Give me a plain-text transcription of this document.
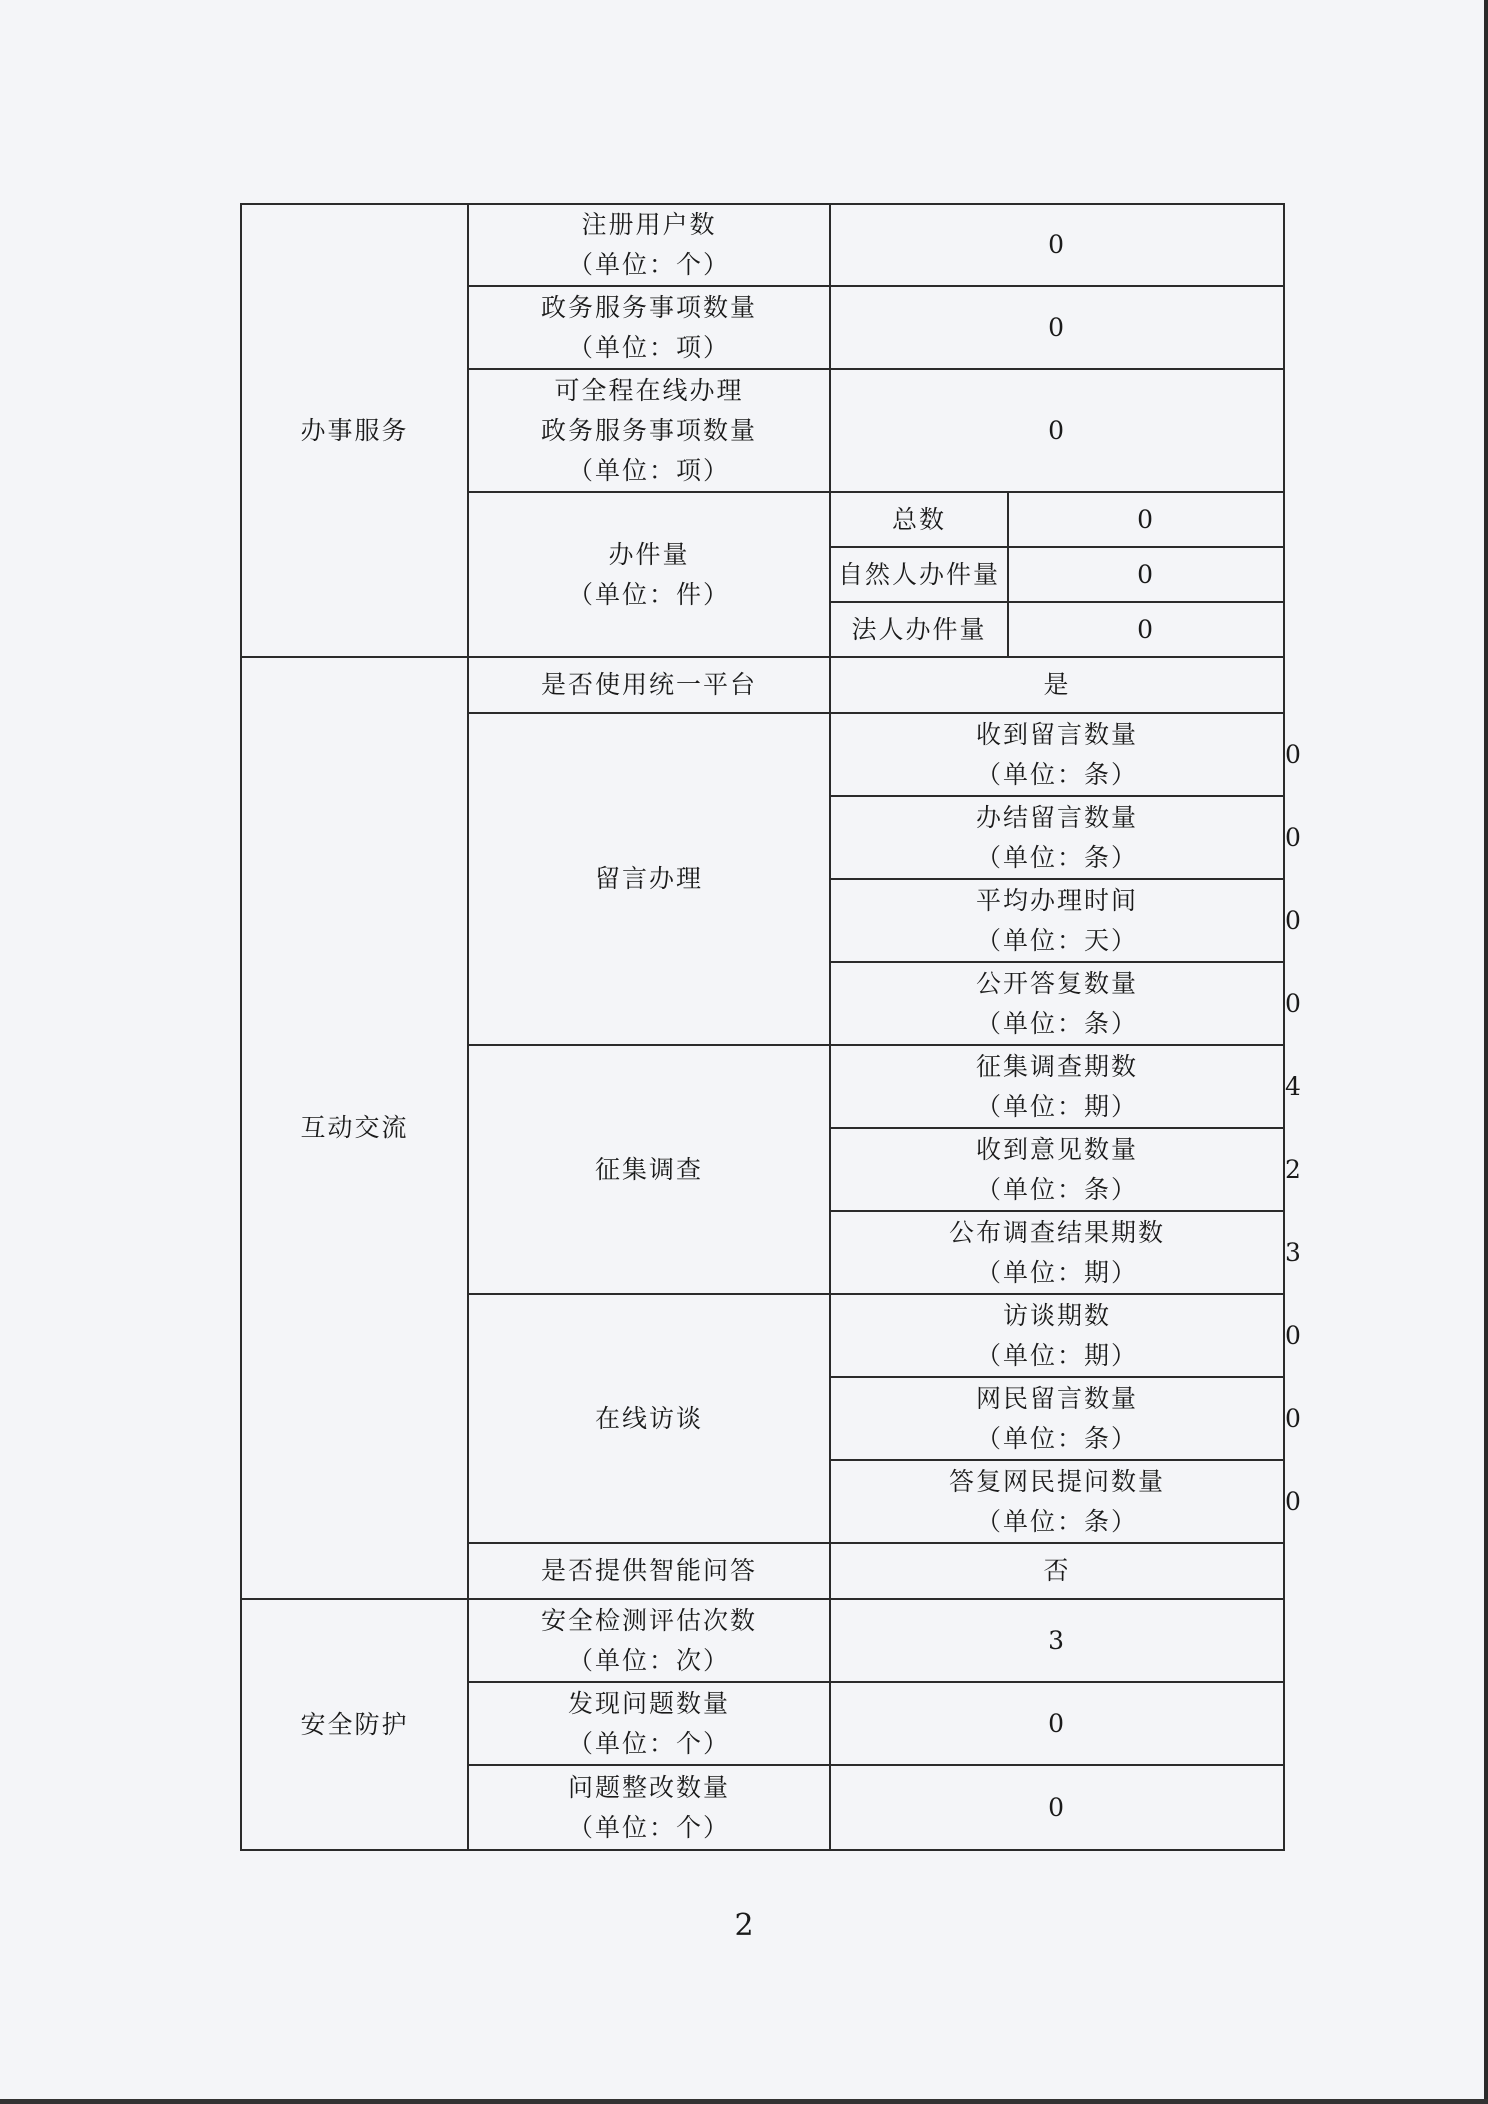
办事服务	注册用户数
（单位：个）	0		

	政务服务事项数量
（单位：项）	0		

	可全程在线办理
政务服务事项数量
（单位：项）	0		

	办件量
（单位：件）	总数	0	
		自然人办件量	0	
		法人办件量	0	
互动交流	是否使用统一平台	是		
	留言办理	收到留言数量
（单位：条）		0

		办结留言数量
（单位：条）		0

		平均办理时间
（单位：天）		0

		公开答复数量
（单位：条）		0
	征集调查	征集调查期数
（单位：期）		4

		收到意见数量
（单位：条）		2

		公布调查结果期数
（单位：期）		3
	在线访谈	访谈期数
（单位：期）		0

		网民留言数量
（单位：条）		0

		答复网民提问数量
（单位：条）		0
	是否提供智能问答	否		
安全防护	安全检测评估次数
（单位：次）	3		

	发现问题数量
（单位：个）	0		

	问题整改数量
（单位：个）	0		
2
